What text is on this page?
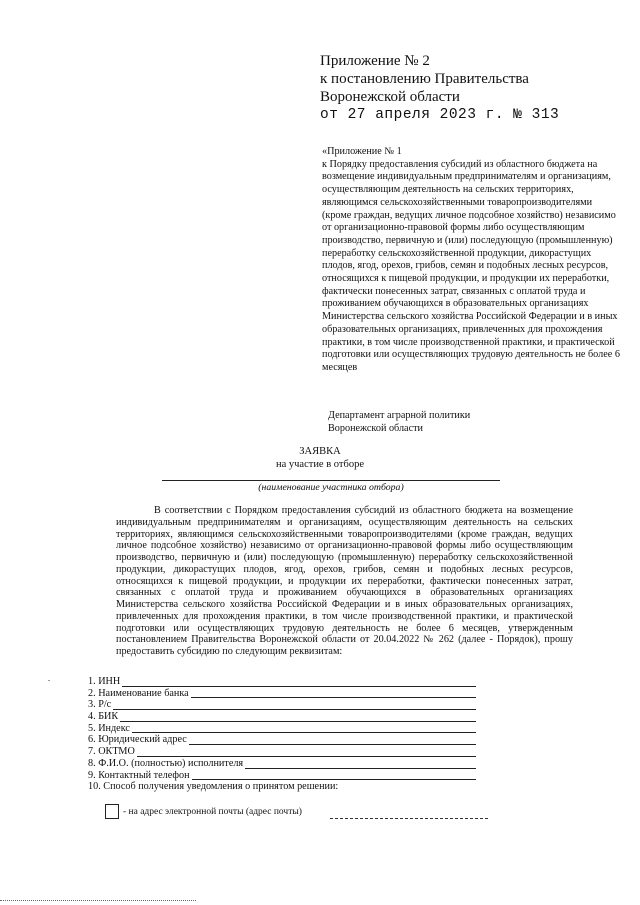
Приложение № 2
к постановлению Правительства
Воронежской области
от 27 апреля 2023 г. № 313
«Приложение № 1
к Порядку предоставления субсидий из областного бюджета на возмещение индивидуальным предпринимателям и организациям, осуществляющим деятельность на сельских территориях, являющимся сельскохозяйственными товаропроизводителями (кроме граждан, ведущих личное подсобное хозяйство) независимо от организационно-правовой формы либо осуществляющим производство, первичную и (или) последующую (промышленную) переработку сельскохозяйственной продукции, дикорастущих плодов, ягод, орехов, грибов, семян и подобных лесных ресурсов, относящихся к пищевой продукции, и продукции их переработки, фактически понесенных затрат, связанных с оплатой труда и проживанием обучающихся в образовательных организациях Министерства сельского хозяйства Российской Федерации и в иных образовательных организациях, привлеченных для прохождения практики, в том числе производственной практики, и практической подготовки или осуществляющих трудовую деятельность не более 6 месяцев
Департамент аграрной политики
Воронежской области
ЗАЯВКА
на участие в отборе
(наименование участника отбора)
В соответствии с Порядком предоставления субсидий из областного бюджета на возмещение индивидуальным предпринимателям и организациям, осуществляющим деятельность на сельских территориях, являющимся сельскохозяйственными товаропроизводителями (кроме граждан, ведущих личное подсобное хозяйство) независимо от организационно-правовой формы либо осуществляющим производство, первичную и (или) последующую (промышленную) переработку сельскохозяйственной продукции, дикорастущих плодов, ягод, орехов, грибов, семян и подобных лесных ресурсов, относящихся к пищевой продукции, и продукции их переработки, фактически понесенных затрат, связанных с оплатой труда и проживанием обучающихся в образовательных организациях Министерства сельского хозяйства Российской Федерации и в иных образовательных организациях, привлеченных для прохождения практики, в том числе производственной практики, и практической подготовки или осуществляющих трудовую деятельность не более 6 месяцев, утвержденным постановлением Правительства Воронежской области от 20.04.2022 № 262 (далее - Порядок), прошу предоставить субсидию по следующим реквизитам:
1. ИНН
2. Наименование банка
3. Р/с
4. БИК
5. Индекс
6. Юридический адрес
7. ОКТМО
8. Ф.И.О. (полностью) исполнителя
9. Контактный телефон
10. Способ получения уведомления о принятом решении:
- на адрес электронной почты (адрес почты)
